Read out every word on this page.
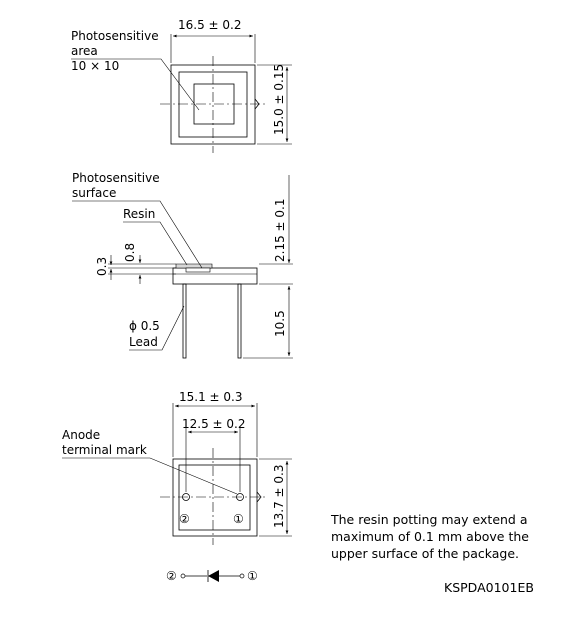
16.5 ± 0.2
15.0 ± 0.15
Photosensitive
area
10 × 10
0.3
0.8	2.15 ± 0.1
10.5
Photosensitive
surface
Resin
ϕ 0.5
Lead
②	①
15.1 ± 0.3
12.5 ± 0.2
13.7 ± 0.3
Anode
terminal mark
②	①
The resin potting may extend a
maximum of 0.1 mm above the
upper surface of the package.
KSPDA0101EB
